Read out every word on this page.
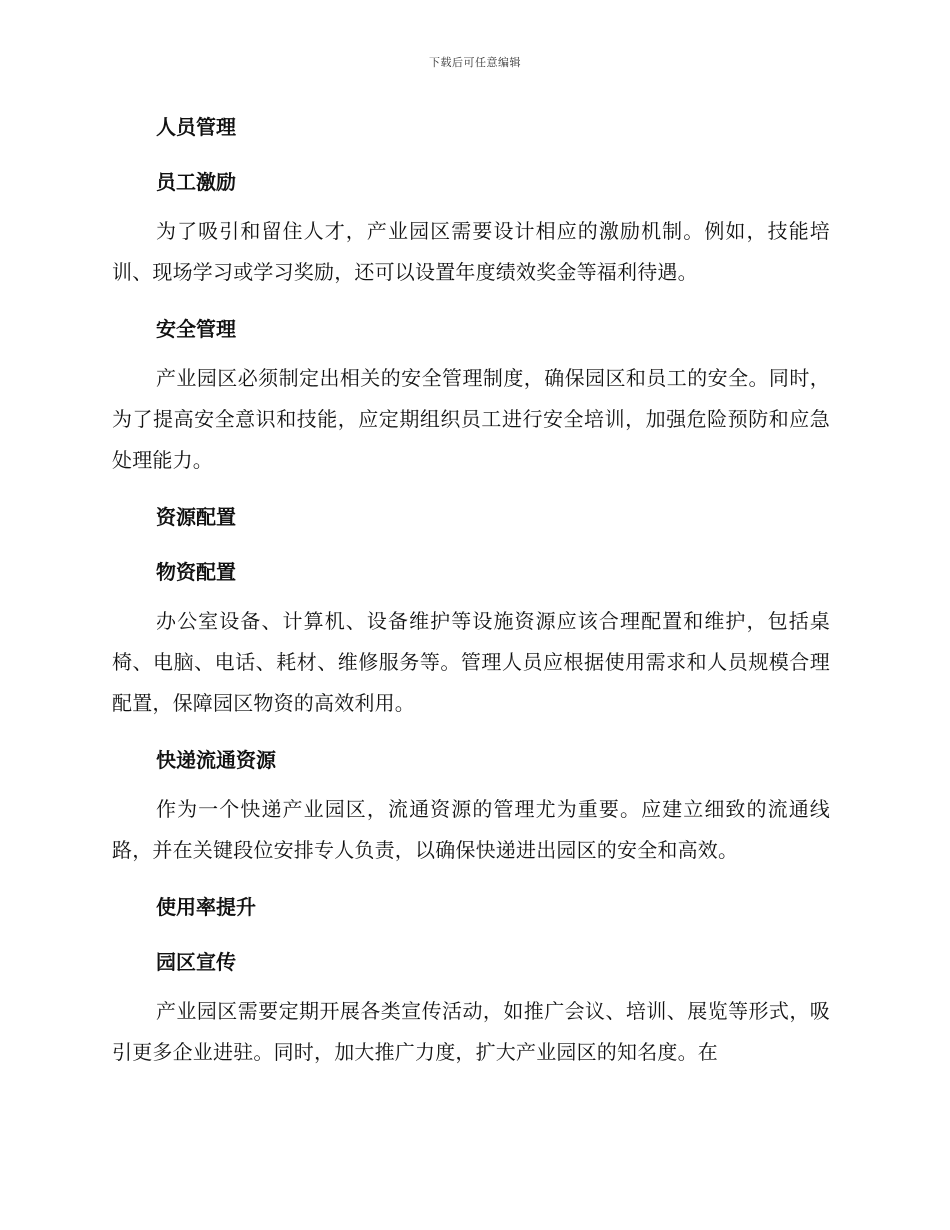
下载后可任意编辑
人员管理
员工激励

为了吸引和留住人才，产业园区需要设计相应的激励机制。例如，技能培训、现场学习或学习奖励，还可以设置年度绩效奖金等福利待遇。

安全管理

产业园区必须制定出相关的安全管理制度，确保园区和员工的安全。同时，为了提高安全意识和技能，应定期组织员工进行安全培训，加强危险预防和应急处理能力。

资源配置
物资配置

办公室设备、计算机、设备维护等设施资源应该合理配置和维护，包括桌椅、电脑、电话、耗材、维修服务等。管理人员应根据使用需求和人员规模合理配置，保障园区物资的高效利用。

快递流通资源

作为一个快递产业园区，流通资源的管理尤为重要。应建立细致的流通线路，并在关键段位安排专人负责，以确保快递进出园区的安全和高效。

使用率提升
园区宣传

产业园区需要定期开展各类宣传活动，如推广会议、培训、展览等形式，吸引更多企业进驻。同时，加大推广力度，扩大产业园区的知名度。在
